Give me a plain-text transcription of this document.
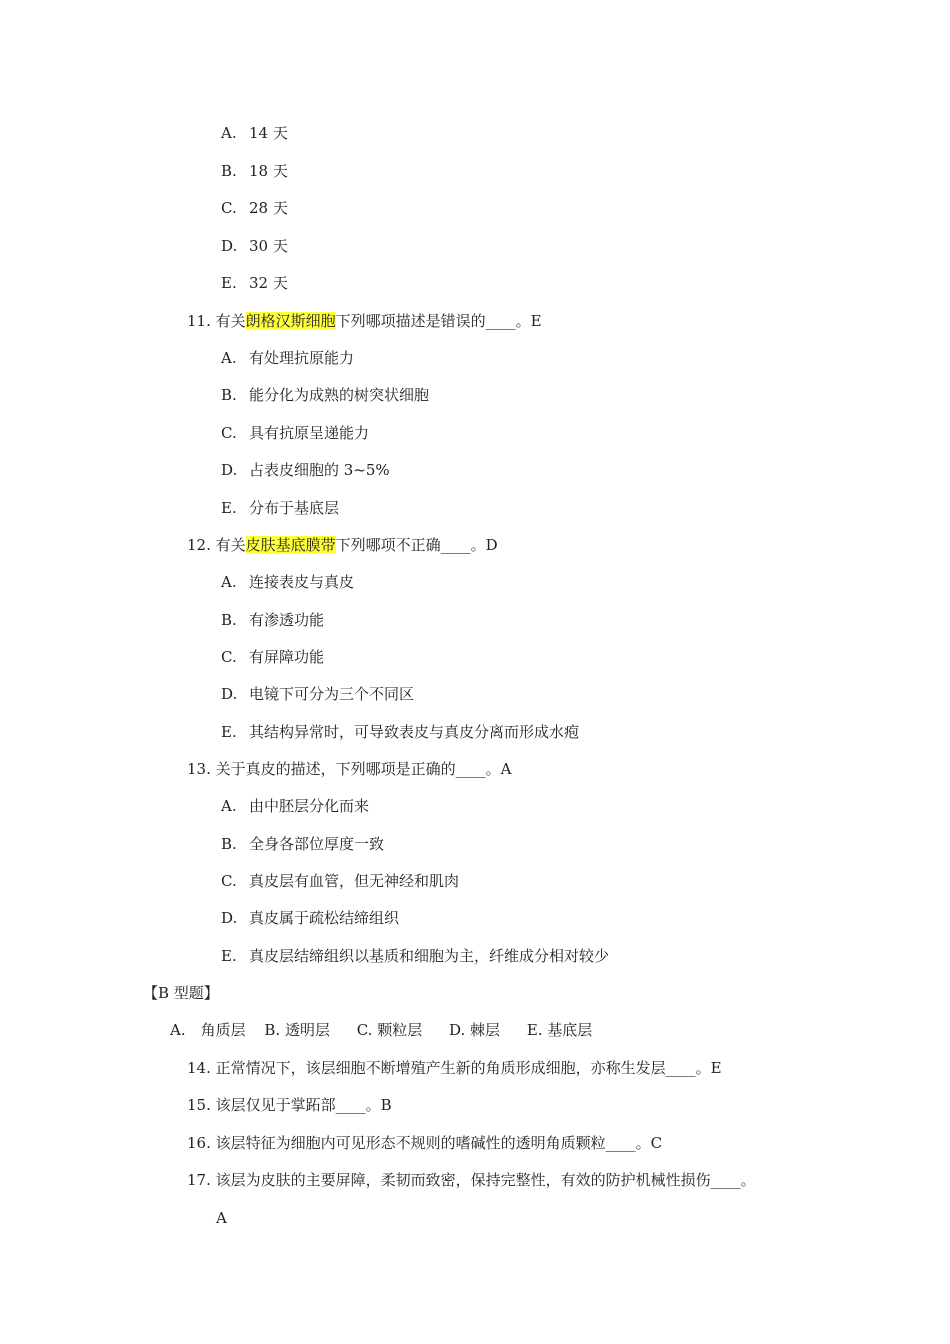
A. 14 天
B. 18 天
C. 28 天
D. 30 天
E. 32 天
11. 有关朗格汉斯细胞下列哪项描述是错误的____。E
A. 有处理抗原能力
B. 能分化为成熟的树突状细胞
C. 具有抗原呈递能力
D. 占表皮细胞的 3~5%
E. 分布于基底层
12. 有关皮肤基底膜带下列哪项不正确____。D
A. 连接表皮与真皮
B. 有渗透功能
C. 有屏障功能
D. 电镜下可分为三个不同区
E. 其结构异常时，可导致表皮与真皮分离而形成水疱
13. 关于真皮的描述，下列哪项是正确的____。A
A. 由中胚层分化而来
B. 全身各部位厚度一致
C. 真皮层有血管，但无神经和肌肉
D. 真皮属于疏松结缔组织
E. 真皮层结缔组织以基质和细胞为主，纤维成分相对较少
【B 型题】
A.　角质层 B. 透明层 C. 颗粒层 D. 棘层 E. 基底层
14. 正常情况下，该层细胞不断增殖产生新的角质形成细胞，亦称生发层____。E
15. 该层仅见于掌跖部____。B
16. 该层特征为细胞内可见形态不规则的嗜碱性的透明角质颗粒____。C
17. 该层为皮肤的主要屏障，柔韧而致密，保持完整性，有效的防护机械性损伤____。
A
